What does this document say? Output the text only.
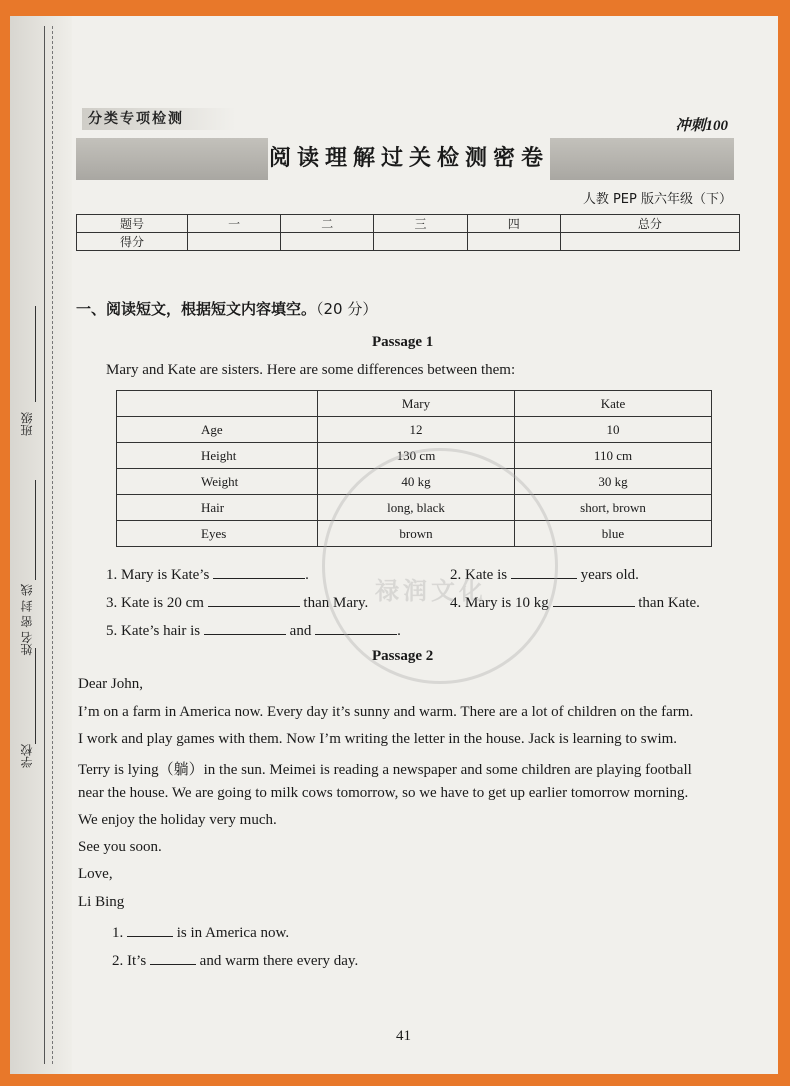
班级
姓名 密 封 线
学校
分类专项检测	冲刺100
阅读理解过关检测密卷
人教 PEP 版六年级（下）
题号	一	二	三	四	总分
得分					
一、阅读短文，根据短文内容填空。（20 分）
Passage 1
Mary and Kate are sisters. Here are some differences between them:
	Mary	Kate
Age	12	10
Height	130 cm	110 cm
Weight	40 kg	30 kg
Hair	long, black	short, brown
Eyes	brown	blue
1. Mary is Kate’s	.	2. Kate is	years old.
3. Kate is 20 cm	than Mary.	4. Mary is 10 kg	than Kate.
5. Kate’s hair is	and	.
Passage 2
Dear John,
I’m on a farm in America now. Every day it’s sunny and warm. There are a lot of children on the farm.
I work and play games with them. Now I’m writing the letter in the house. Jack is learning to swim.
Terry is lying（躺）in the sun. Meimei is reading a newspaper and some children are playing football
near the house. We are going to milk cows tomorrow, so we have to get up earlier tomorrow morning.
We enjoy the holiday very much.
See you soon.
Love,
Li Bing
1.	is in America now.
2. It’s	and warm there every day.
禄润文化
41
